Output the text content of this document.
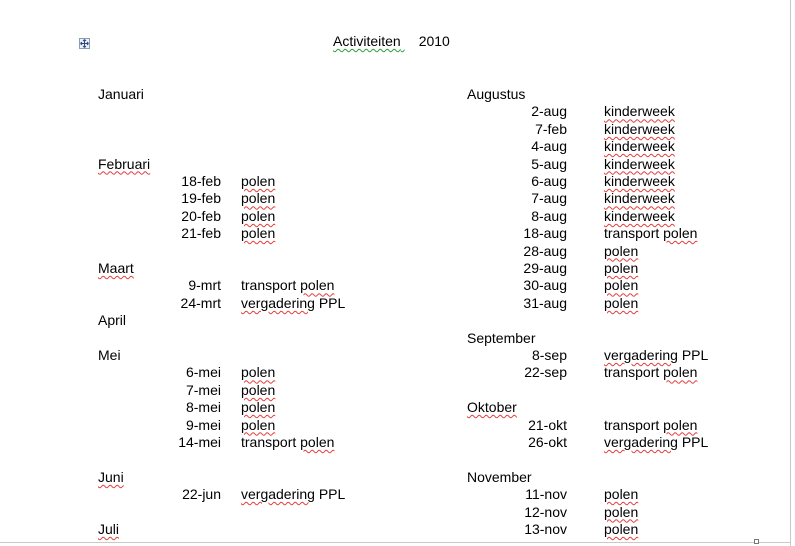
Activiteiten 2010
Januari
Februari
18-feb polen
19-feb polen
20-feb polen
21-feb polen
Maart
9-mrt transport polen
24-mrt vergadering PPL
April
Mei
6-mei polen
7-mei polen
8-mei polen
9-mei polen
14-mei transport polen
Juni
22-jun vergadering PPL
Juli
Augustus
2-aug	kinderweek
7-feb	kinderweek
4-aug	kinderweek
5-aug	kinderweek
6-aug	kinderweek
7-aug	kinderweek
8-aug	kinderweek
18-aug	transport polen
28-aug	polen
29-aug	polen
30-aug	polen
31-aug	polen
September
8-sep	vergadering PPL
22-sep	transport polen
Oktober
21-okt	transport polen
26-okt	vergadering PPL
November
11-nov	polen
12-nov	polen
13-nov	polen
